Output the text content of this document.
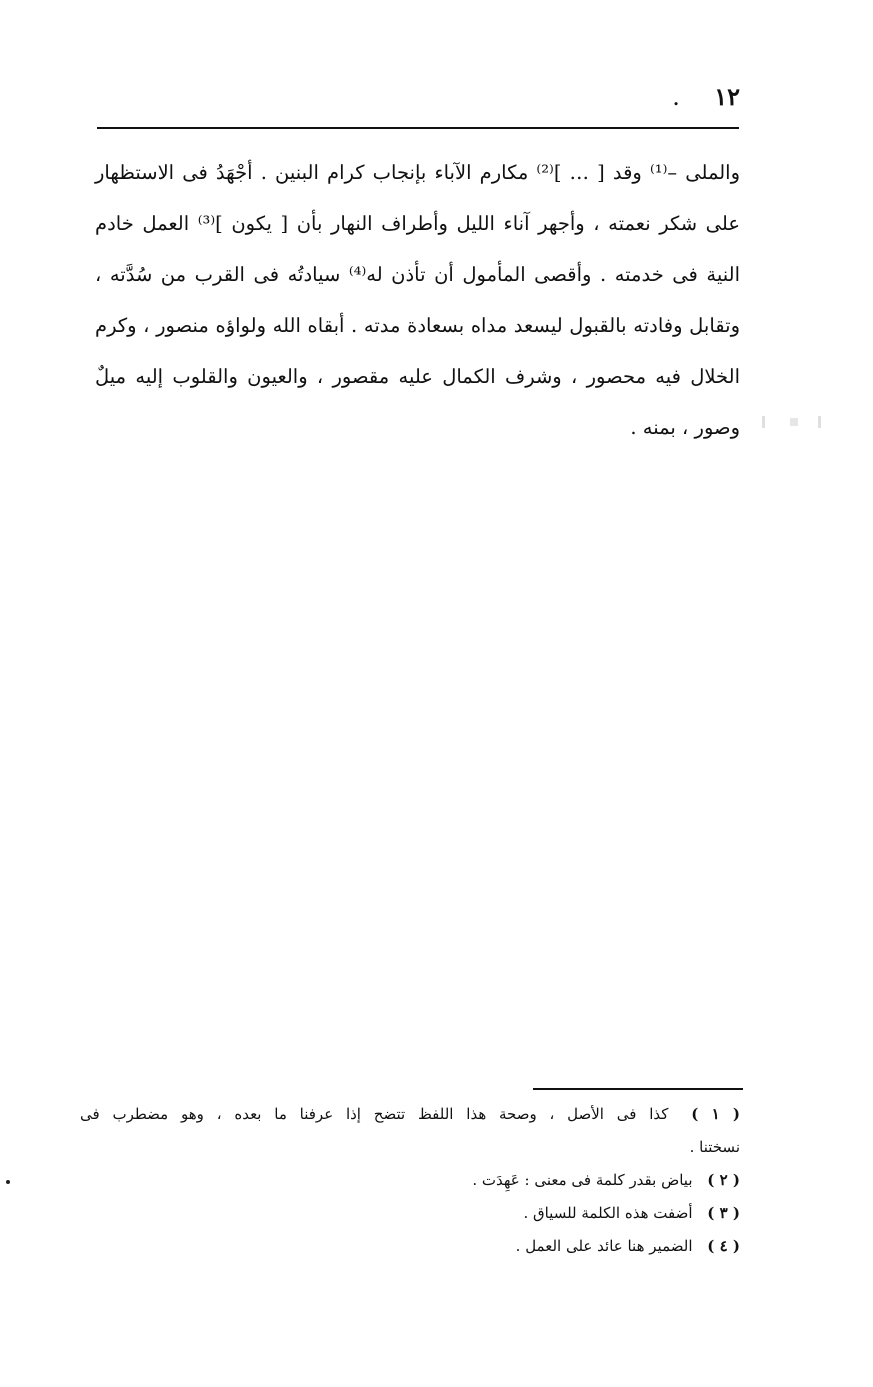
١٢ .
والملى –⁽¹⁾ وقد [ … ]⁽²⁾ مكارم الآباء بإنجاب كرام البنين . أجْهَدُ فى الاستظهار
على شكر نعمته ، وأجهر آناء الليل وأطراف النهار بأن [ يكون ]⁽³⁾ العمل خادم
النية فى خدمته . وأقصى المأمول أن تأذن له⁽⁴⁾ سيادتُه فى القرب من سُدَّته ،
وتقابل وفادته بالقبول ليسعد مداه بسعادة مدته . أبقاه الله ولواؤه منصور ، وكرم
الخلال فيه محصور ، وشرف الكمال عليه مقصور ، والعيون والقلوب إليه ميلٌ
وصور ، بمنه .
( ١ ) كذا فى الأصل ، وصحة هذا اللفظ تتضح إذا عرفنا ما بعده ، وهو مضطرب فى
نسختنا .
( ٢ ) بياض بقدر كلمة فى معنى : عَهِدَت .
( ٣ ) أضفت هذه الكلمة للسياق .
( ٤ ) الضمير هنا عائد على العمل .
